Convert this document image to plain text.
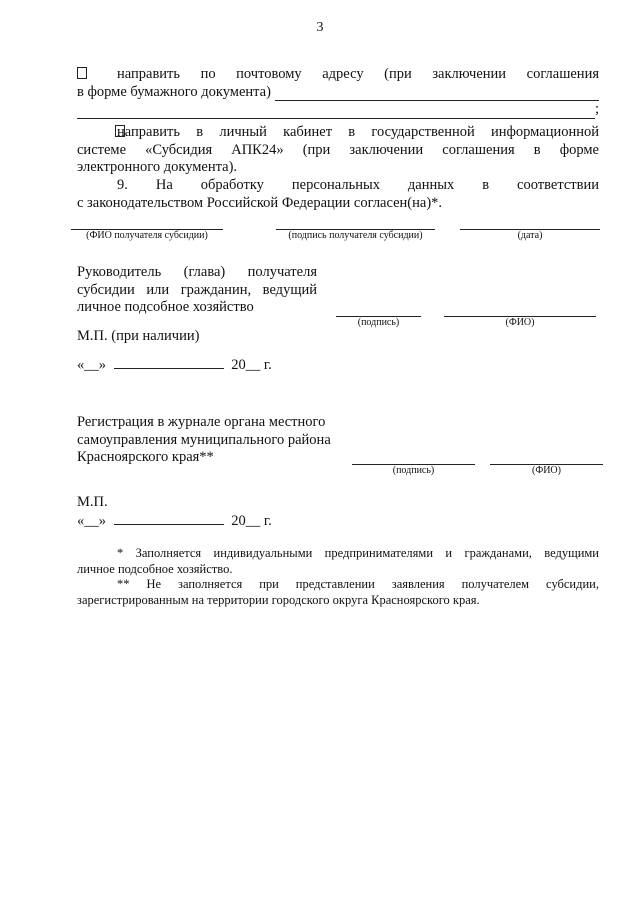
3
направить по почтовому адресу (при заключении соглашения
в форме бумажного документа)
;
направить в личный кабинет в государственной информационной
системе «Субсидия АПК24» (при заключении соглашения в форме
электронного документа).
9. На обработку персональных данных в соответствии
с законодательством Российской Федерации согласен(на)*.
(ФИО получателя субсидии)	(подпись получателя субсидии)	(дата)
Руководитель (глава) получателя
субсидии или гражданин, ведущий
личное подсобное хозяйство
(подпись)	(ФИО)
М.П. (при наличии)
«__»	20__ г.
Регистрация в журнале органа местного
самоуправления муниципального района
Красноярского края**
(подпись)	(ФИО)
М.П.
«__»	20__ г.
* Заполняется индивидуальными предпринимателями и гражданами, ведущими
личное подсобное хозяйство.
** Не заполняется при представлении заявления получателем субсидии,
зарегистрированным на территории городского округа Красноярского края.
